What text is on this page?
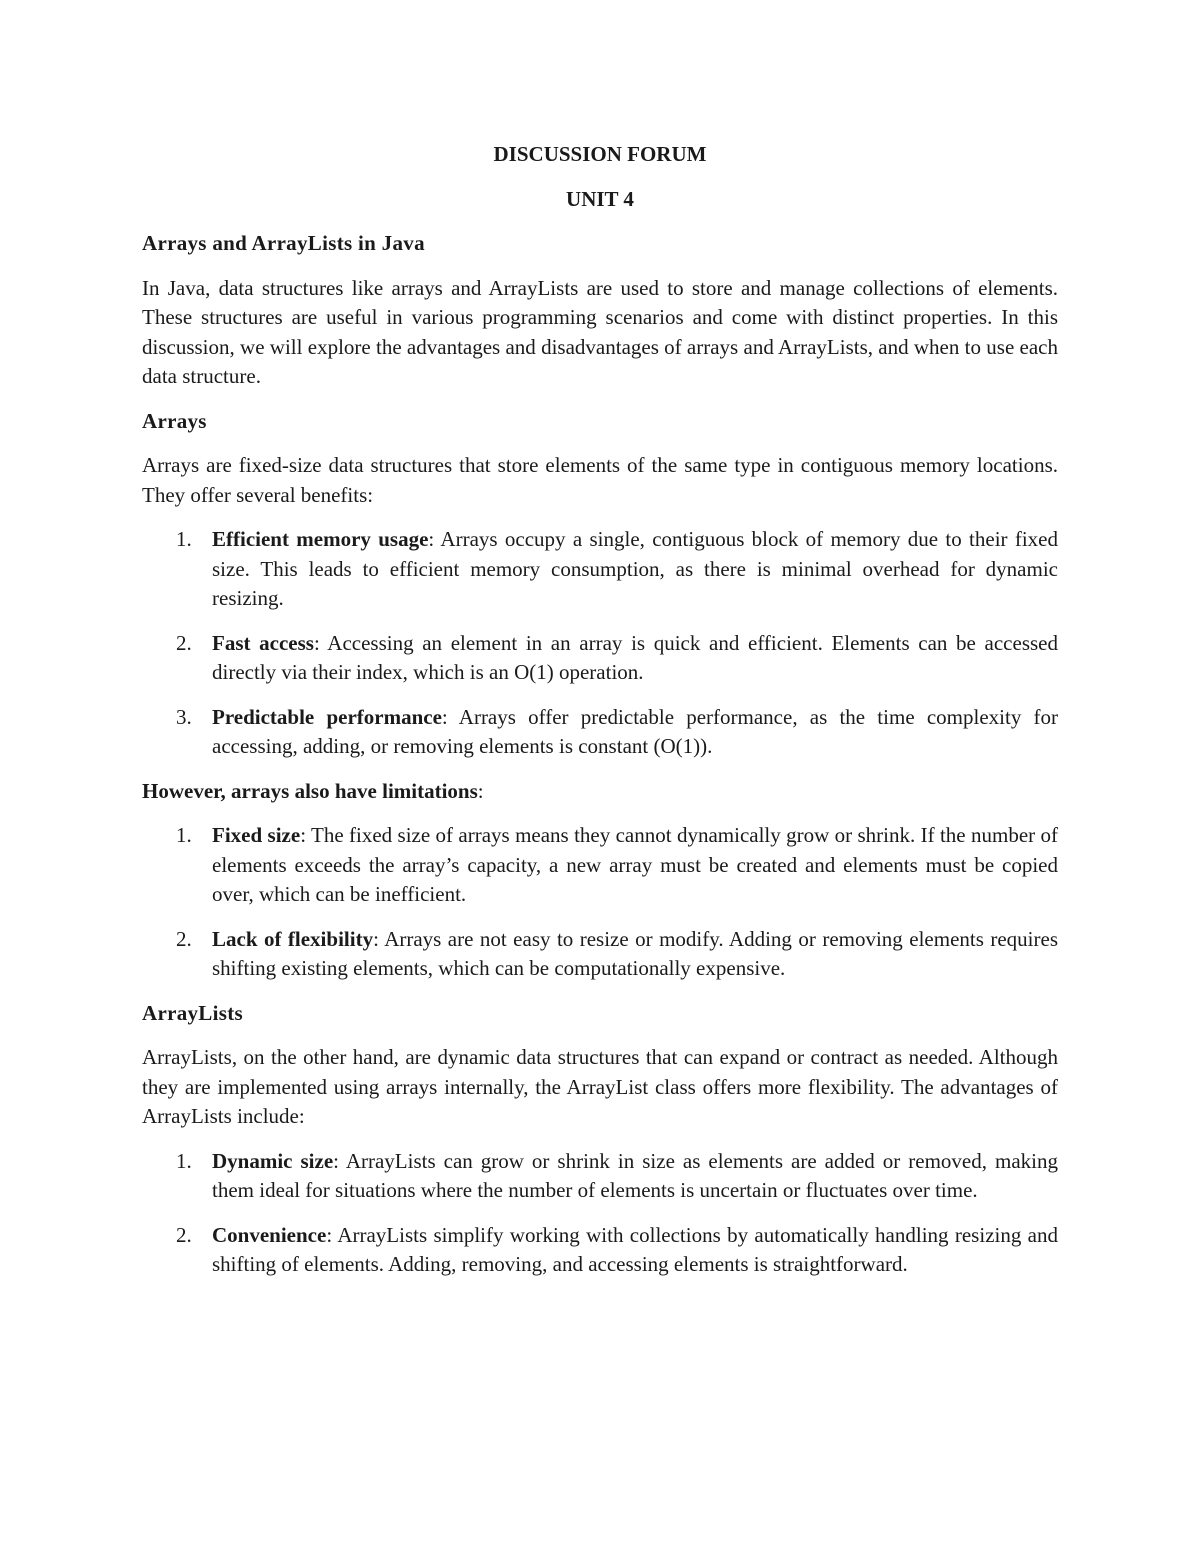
DISCUSSION FORUM
UNIT 4
Arrays and ArrayLists in Java

In Java, data structures like arrays and ArrayLists are used to store and manage collections of elements. These structures are useful in various programming scenarios and come with distinct properties. In this discussion, we will explore the advantages and disadvantages of arrays and ArrayLists, and when to use each data structure.

Arrays

Arrays are fixed-size data structures that store elements of the same type in contiguous memory locations. They offer several benefits:

1. Efficient memory usage: Arrays occupy a single, contiguous block of memory due to their fixed size. This leads to efficient memory consumption, as there is minimal overhead for dynamic resizing.
2. Fast access: Accessing an element in an array is quick and efficient. Elements can be accessed directly via their index, which is an O(1) operation.
3. Predictable performance: Arrays offer predictable performance, as the time complexity for accessing, adding, or removing elements is constant (O(1)).

However, arrays also have limitations:

1. Fixed size: The fixed size of arrays means they cannot dynamically grow or shrink. If the number of elements exceeds the array’s capacity, a new array must be created and elements must be copied over, which can be inefficient.
2. Lack of flexibility: Arrays are not easy to resize or modify. Adding or removing elements requires shifting existing elements, which can be computationally expensive.
ArrayLists

ArrayLists, on the other hand, are dynamic data structures that can expand or contract as needed. Although they are implemented using arrays internally, the ArrayList class offers more flexibility. The advantages of ArrayLists include:

1. Dynamic size: ArrayLists can grow or shrink in size as elements are added or removed, making them ideal for situations where the number of elements is uncertain or fluctuates over time.
2. Convenience: ArrayLists simplify working with collections by automatically handling resizing and shifting of elements. Adding, removing, and accessing elements is straightforward.
